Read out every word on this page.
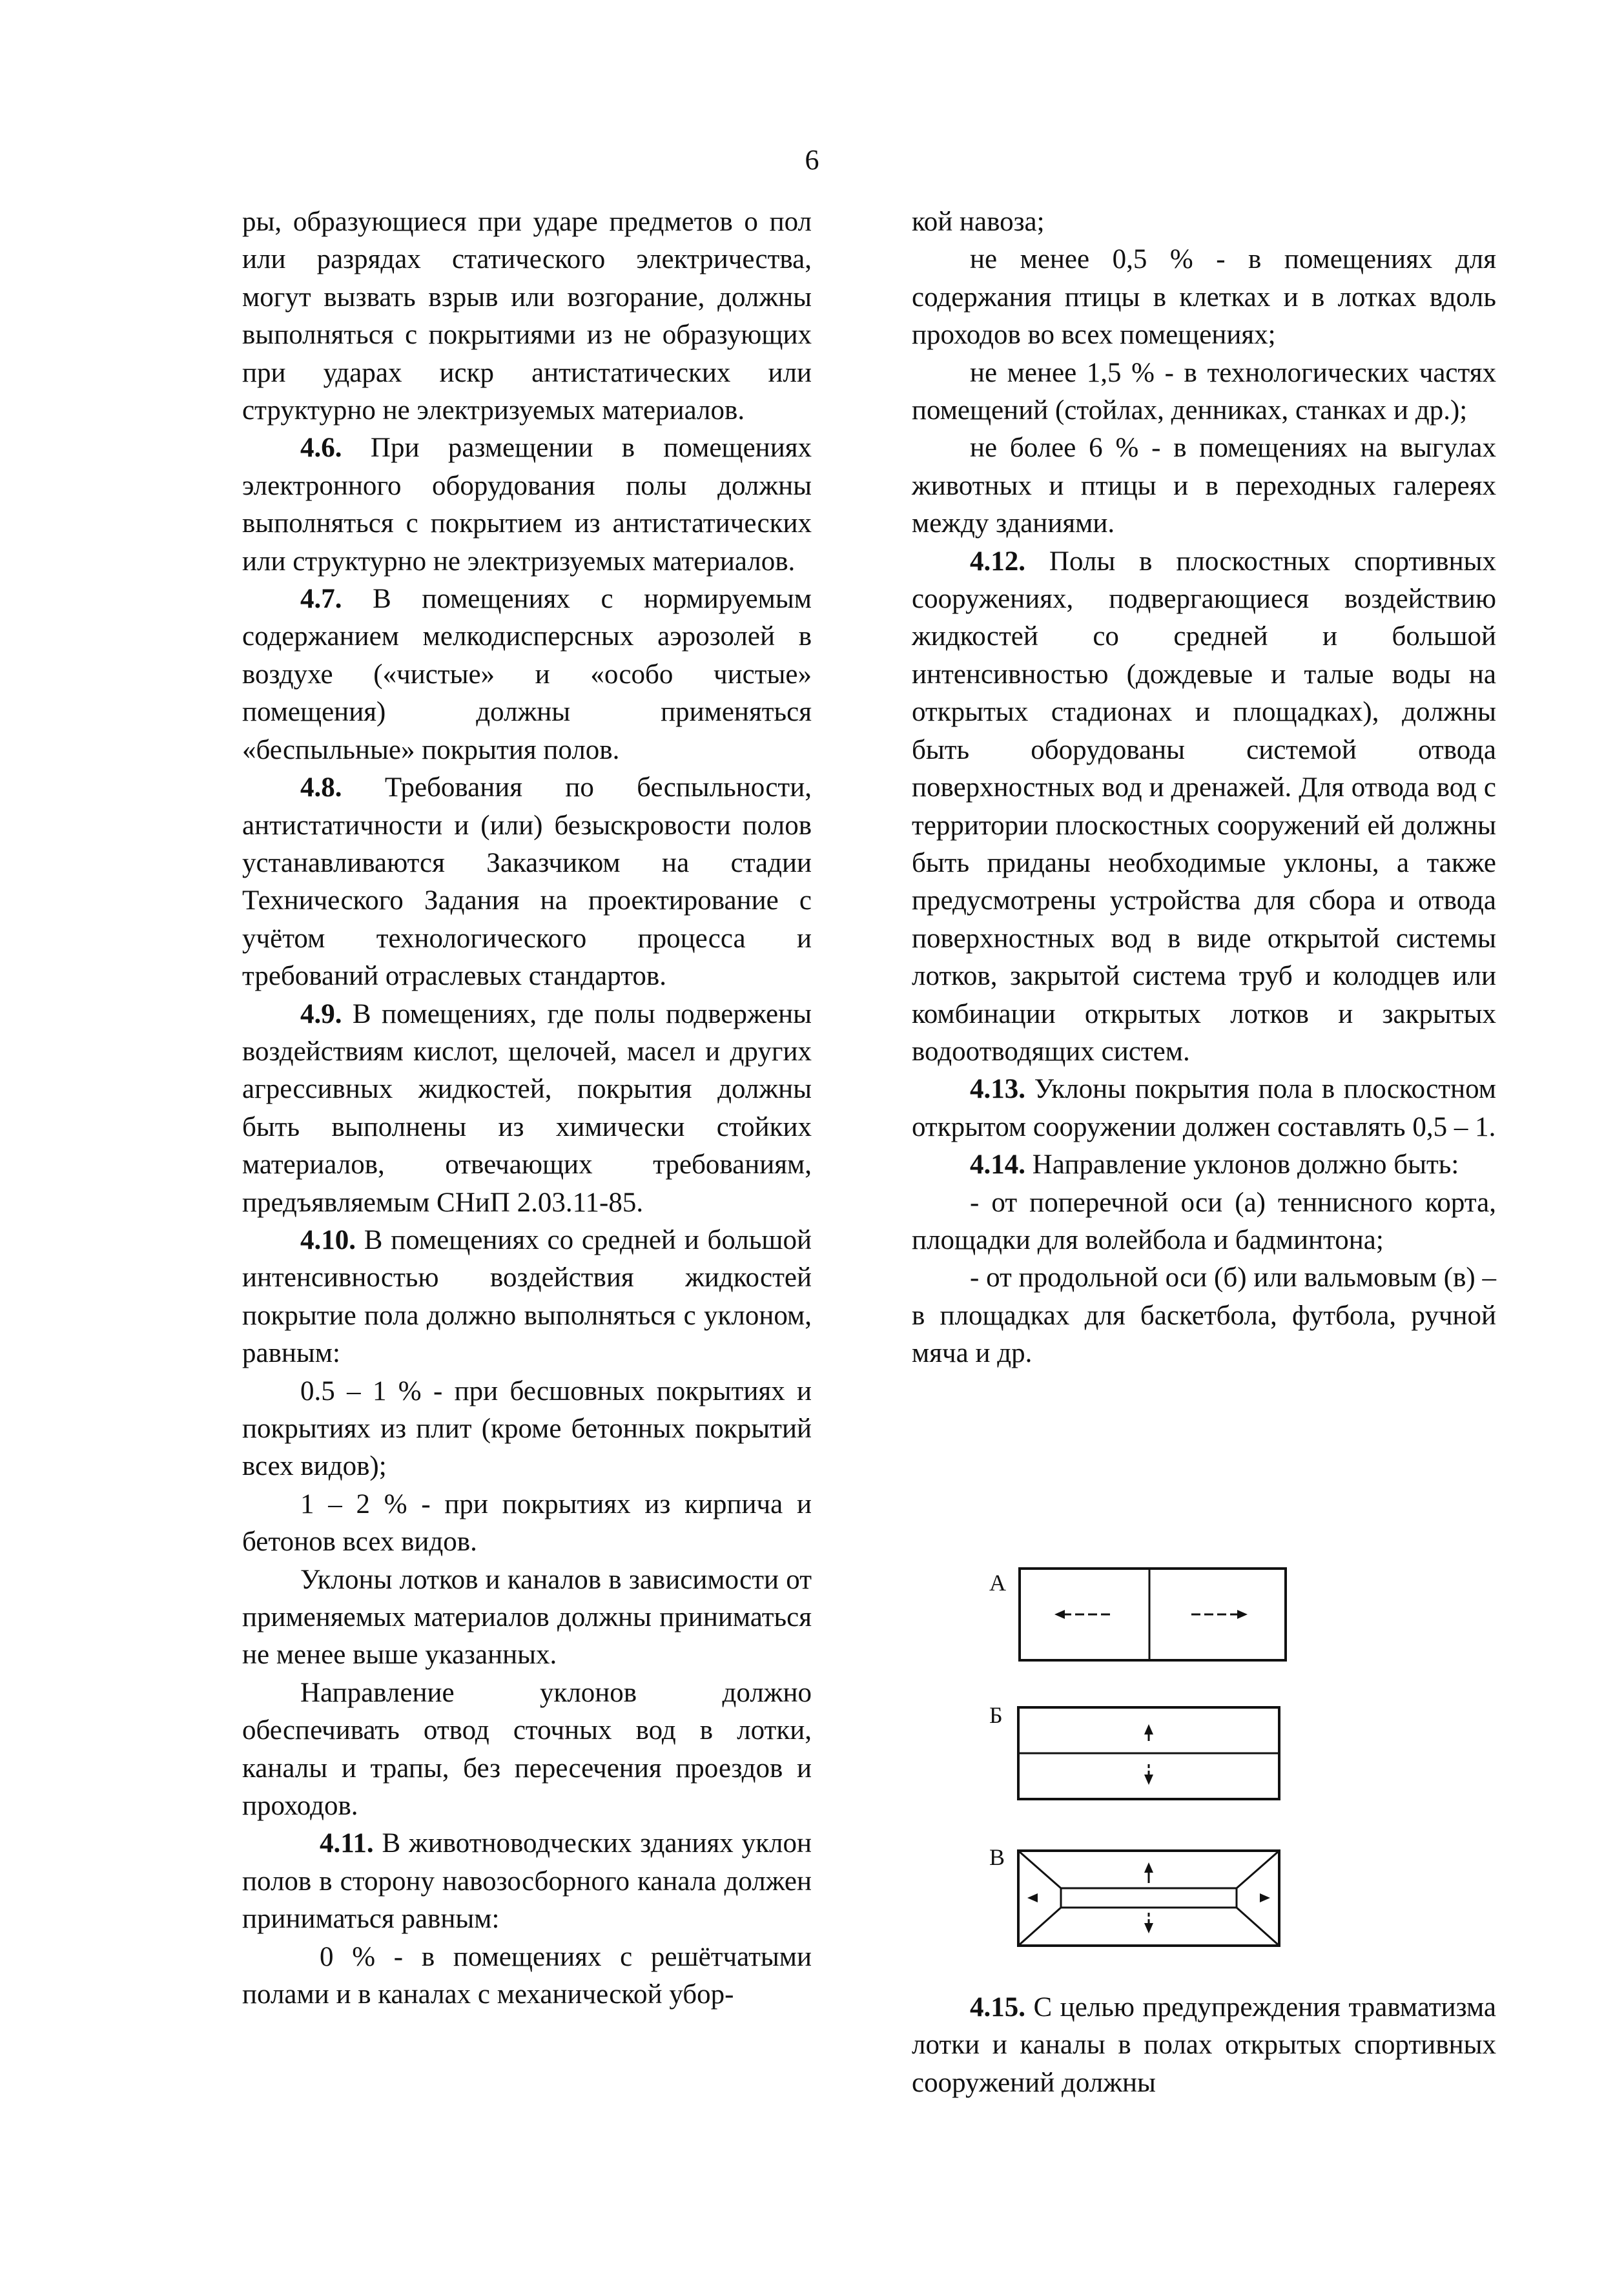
6

ры, образующиеся при ударе предметов о пол или разрядах статического электричества, могут вызвать взрыв или возгорание, должны выполняться с покрытиями из не образующих при ударах искр антистатических или структурно не электризуемых материалов.

4.6. При размещении в помещениях электронного оборудования полы должны выполняться с покрытием из антистатических или структурно не электризуемых материалов.

4.7. В помещениях с нормируемым содержанием мелкодисперсных аэрозолей в воздухе («чистые» и «особо чистые» помещения) должны применяться «беспыльные» покрытия полов.

4.8. Требования по беспыльности, антистатичности и (или) безыскровости полов устанавливаются Заказчиком на стадии Технического Задания на проектирование с учётом технологического процесса и требований отраслевых стандартов.

4.9. В помещениях, где полы подвержены воздействиям кислот, щелочей, масел и других агрессивных жидкостей, покрытия должны быть выполнены из химически стойких материалов, отвечающих требованиям, предъявляемым СНиП 2.03.11-85.

4.10. В помещениях со средней и большой интенсивностью воздействия жидкостей покрытие пола должно выполняться с уклоном, равным:

0.5 – 1 % - при бесшовных покрытиях и покрытиях из плит (кроме бетонных покрытий всех видов);

1 – 2 % - при покрытиях из кирпича и бетонов всех видов.

Уклоны лотков и каналов в зависимости от применяемых материалов должны приниматься не менее выше указанных.

Направление уклонов должно обеспечивать отвод сточных вод в лотки, каналы и трапы, без пересечения проездов и проходов.

4.11. В животноводческих зданиях уклон полов в сторону навозосборного канала должен приниматься равным:

0 % - в помещениях с решётчатыми полами и в каналах с механической убор-

кой навоза;

не менее 0,5 % - в помещениях для содержания птицы в клетках и в лотках вдоль проходов во всех помещениях;

не менее 1,5 % - в технологических частях помещений (стойлах, денниках, станках и др.);

не более 6 % - в помещениях на выгулах животных и птицы и в переходных галереях между зданиями.

4.12. Полы в плоскостных спортивных сооружениях, подвергающиеся воздействию жидкостей со средней и большой интенсивностью (дождевые и талые воды на открытых стадионах и площадках), должны быть оборудованы системой отвода поверхностных вод и дренажей. Для отвода вод с территории плоскостных сооружений ей должны быть приданы необходимые уклоны, а также предусмотрены устройства для сбора и отвода поверхностных вод в виде открытой системы лотков, закрытой система труб и колодцев или комбинации открытых лотков и закрытых водоотводящих систем.

4.13. Уклоны покрытия пола в плоскостном открытом сооружении должен составлять 0,5 – 1.

4.14. Направление уклонов должно быть:

- от поперечной оси (а) теннисного корта, площадки для волейбола и бадминтона;

- от продольной оси (б) или вальмовым (в) – в площадках для баскетбола, футбола, ручной мяча и др.

А
Б
В

4.15. С целью предупреждения травматизма лотки и каналы в полах открытых спортивных сооружений должны
